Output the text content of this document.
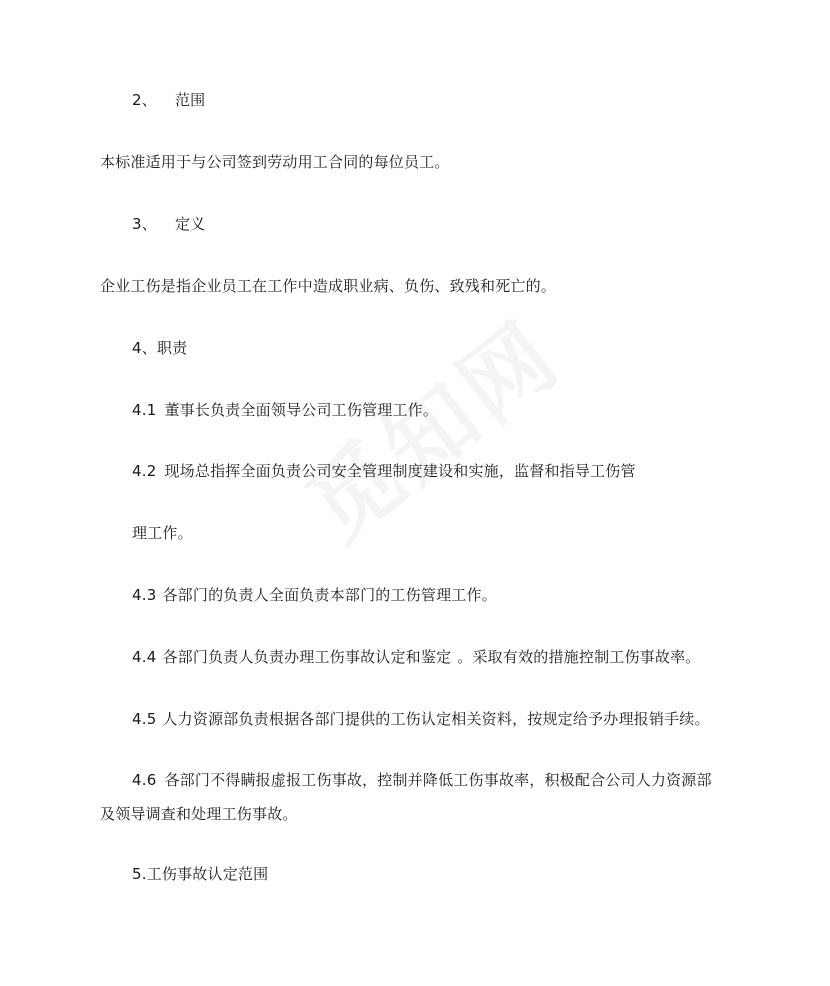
2、 范围
本标准适用于与公司签到劳动用工合同的每位员工。
3、 定义
企业工伤是指企业员工在工作中造成职业病、负伤、致残和死亡的。
4、职责
4.1 董事长负责全面领导公司工伤管理工作。
4.2 现场总指挥全面负责公司安全管理制度建设和实施，监督和指导工伤管
理工作。
4.3 各部门的负责人全面负责本部门的工伤管理工作。
4.4 各部门负责人负责办理工伤事故认定和鉴定 。采取有效的措施控制工伤事故率。
4.5 人力资源部负责根据各部门提供的工伤认定相关资料，按规定给予办理报销手续。
4.6 各部门不得瞒报虚报工伤事故，控制并降低工伤事故率，积极配合公司人力资源部
及领导调查和处理工伤事故。
5.工伤事故认定范围
